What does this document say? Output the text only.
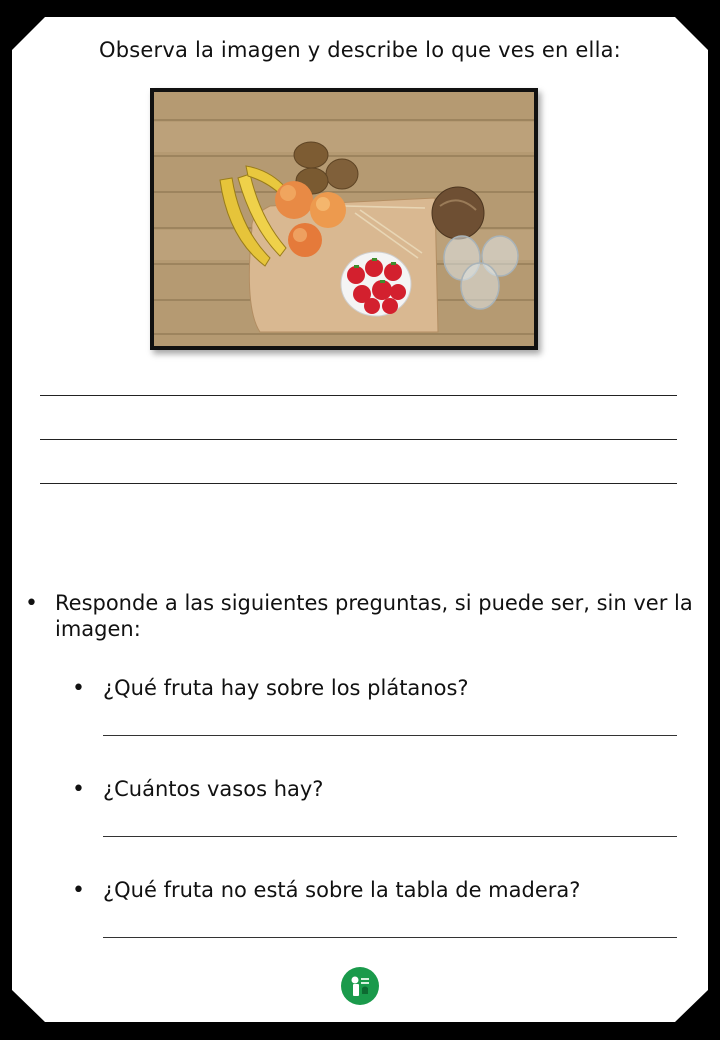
Observa la imagen y describe lo que ves en ella:
• Responde a las siguientes preguntas, si puede ser, sin ver la imagen:
• ¿Qué fruta hay sobre los plátanos?
• ¿Cuántos vasos hay?
• ¿Qué fruta no está sobre la tabla de madera?
